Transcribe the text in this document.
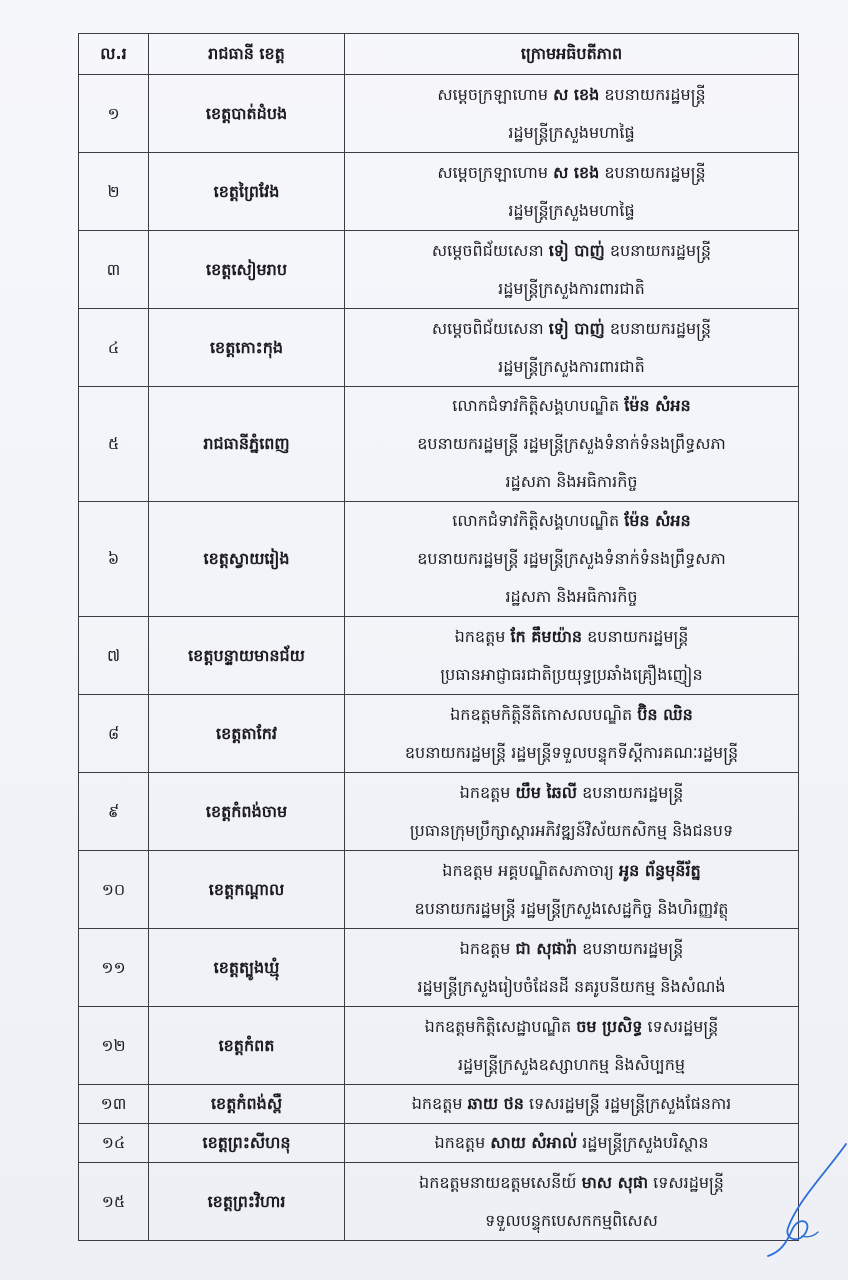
ល.រ	រាជធានី ខេត្ត	ក្រោមអធិបតីភាព
១	ខេត្តបាត់ដំបង	សម្តេចក្រឡាហោម ស ខេង ឧបនាយករដ្ឋមន្ត្រី
រដ្ឋមន្ត្រីក្រសួងមហាផ្ទៃ

២	ខេត្តព្រៃវែង	សម្តេចក្រឡាហោម ស ខេង ឧបនាយករដ្ឋមន្ត្រី
រដ្ឋមន្ត្រីក្រសួងមហាផ្ទៃ

៣	ខេត្តសៀមរាប	សម្តេចពិជ័យសេនា ទៀ បាញ់ ឧបនាយករដ្ឋមន្ត្រី
រដ្ឋមន្ត្រីក្រសួងការពារជាតិ

៤	ខេត្តកោះកុង	សម្តេចពិជ័យសេនា ទៀ បាញ់ ឧបនាយករដ្ឋមន្ត្រី
រដ្ឋមន្ត្រីក្រសួងការពារជាតិ

៥	រាជធានីភ្នំពេញ	លោកជំទាវកិត្តិសង្គហបណ្ឌិត ម៉ែន សំអន
ឧបនាយករដ្ឋមន្ត្រី រដ្ឋមន្ត្រីក្រសួងទំនាក់ទំនងព្រឹទ្ធសភា
រដ្ឋសភា និងអធិការកិច្ច

៦	ខេត្តស្វាយរៀង	លោកជំទាវកិត្តិសង្គហបណ្ឌិត ម៉ែន សំអន
ឧបនាយករដ្ឋមន្ត្រី រដ្ឋមន្ត្រីក្រសួងទំនាក់ទំនងព្រឹទ្ធសភា
រដ្ឋសភា និងអធិការកិច្ច

៧	ខេត្តបន្ទាយមានជ័យ	ឯកឧត្តម កែ គឹមយ៉ាន ឧបនាយករដ្ឋមន្ត្រី
ប្រធានអាជ្ញាធរជាតិប្រយុទ្ធប្រឆាំងគ្រឿងញៀន

៨	ខេត្តតាកែវ	ឯកឧត្តមកិត្តិនីតិកោសលបណ្ឌិត ប៊ិន ឈិន
ឧបនាយករដ្ឋមន្ត្រី រដ្ឋមន្ត្រីទទួលបន្ទុកទីស្តីការគណៈរដ្ឋមន្ត្រី

៩	ខេត្តកំពង់ចាម	ឯកឧត្តម យឹម ឆៃលី ឧបនាយករដ្ឋមន្ត្រី
ប្រធានក្រុមប្រឹក្សាស្តារអភិវឌ្ឍន៍វិស័យកសិកម្ម និងជនបទ

១០	ខេត្តកណ្តាល	ឯកឧត្តម អគ្គបណ្ឌិតសភាចារ្យ អូន ព័ន្ធមុនីរ័ត្ន
ឧបនាយករដ្ឋមន្ត្រី រដ្ឋមន្ត្រីក្រសួងសេដ្ឋកិច្ច និងហិរញ្ញវត្ថុ

១១	ខេត្តត្បូងឃ្មុំ	ឯកឧត្តម ជា សុផារ៉ា ឧបនាយករដ្ឋមន្ត្រី
រដ្ឋមន្ត្រីក្រសួងរៀបចំដែនដី នគរូបនីយកម្ម និងសំណង់

១២	ខេត្តកំពត	ឯកឧត្តមកិត្តិសេដ្ឋាបណ្ឌិត ចម ប្រសិទ្ធ ទេសរដ្ឋមន្ត្រី
រដ្ឋមន្ត្រីក្រសួងឧស្សាហកម្ម និងសិប្បកម្ម

១៣	ខេត្តកំពង់ស្ពឺ	ឯកឧត្តម ឆាយ ថន ទេសរដ្ឋមន្ត្រី រដ្ឋមន្ត្រីក្រសួងផែនការ

១៤	ខេត្តព្រះសីហនុ	ឯកឧត្តម សាយ សំអាល់ រដ្ឋមន្ត្រីក្រសួងបរិស្ថាន

១៥	ខេត្តព្រះវិហារ	ឯកឧត្តមនាយឧត្តមសេនីយ៍ មាស សុផា ទេសរដ្ឋមន្ត្រី
ទទួលបន្ទុកបេសកកម្មពិសេស
